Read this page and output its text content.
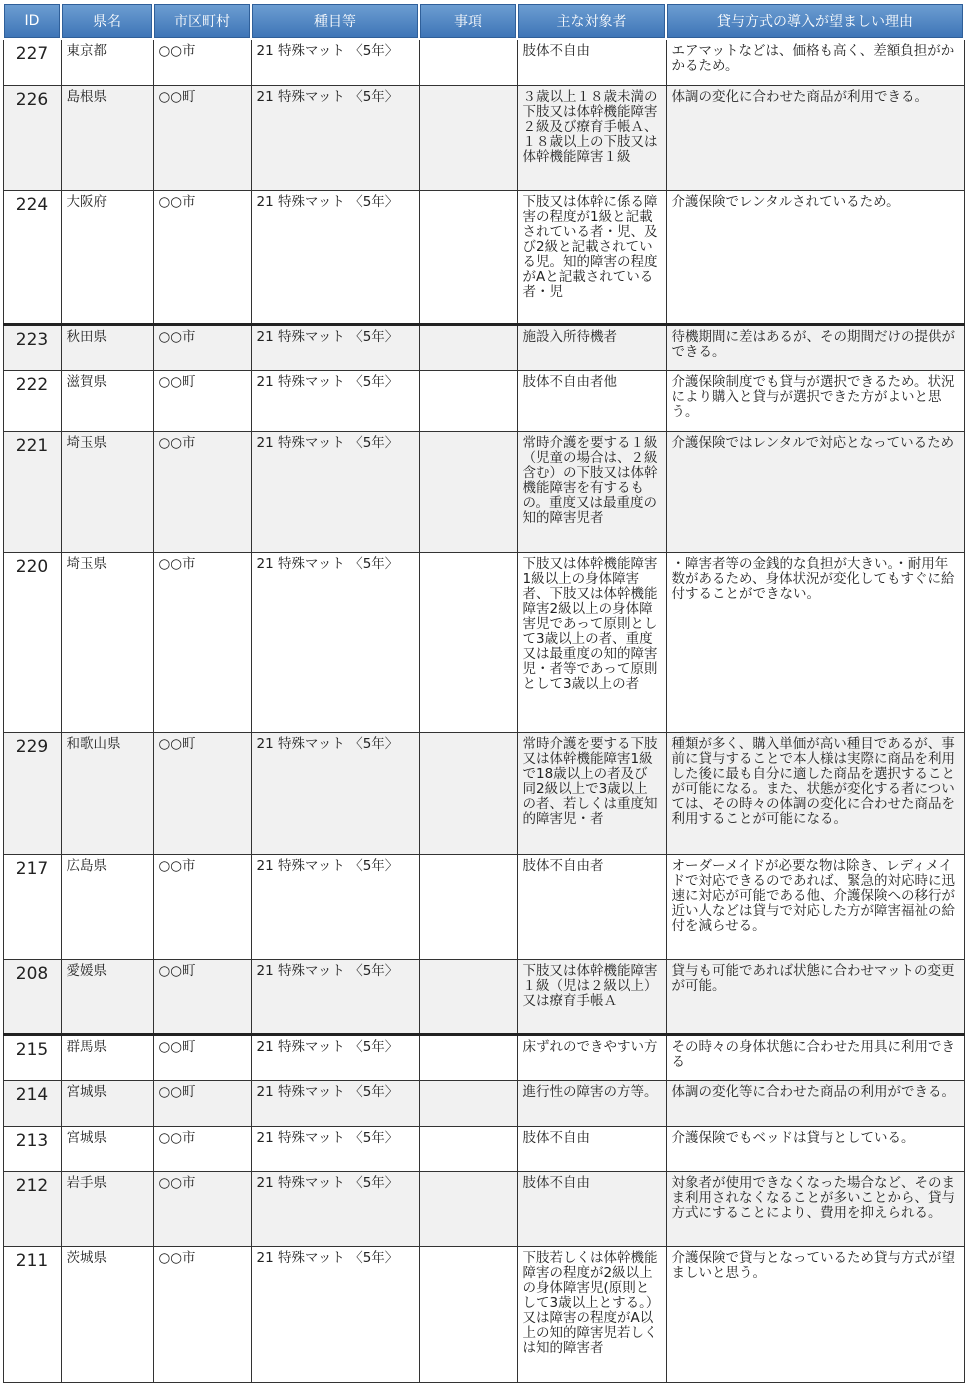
ID	県名	市区町村	種目等	事項	主な対象者	貸与方式の導入が望ましい理由
227	東京都	○○市	21 特殊マット 〈5年〉		肢体不自由	エアマットなどは、価格も高く、差額負担がかかるため。
226	島根県	○○町	21 特殊マット 〈5年〉		３歳以上１８歳未満の下肢又は体幹機能障害２級及び療育手帳Ａ、１８歳以上の下肢又は体幹機能障害１級	体調の変化に合わせた商品が利用できる。
224	大阪府	○○市	21 特殊マット 〈5年〉		下肢又は体幹に係る障害の程度が1級と記載されている者・児、及び2級と記載されている児。知的障害の程度がAと記載されている者・児	介護保険でレンタルされているため。
223	秋田県	○○市	21 特殊マット 〈5年〉		施設入所待機者	待機期間に差はあるが、その期間だけの提供ができる。
222	滋賀県	○○町	21 特殊マット 〈5年〉		肢体不自由者他	介護保険制度でも貸与が選択できるため。状況により購入と貸与が選択できた方がよいと思う。
221	埼玉県	○○市	21 特殊マット 〈5年〉		常時介護を要する１級（児童の場合は、２級含む）の下肢又は体幹機能障害を有するもの。重度又は最重度の知的障害児者	介護保険ではレンタルで対応となっているため
220	埼玉県	○○市	21 特殊マット 〈5年〉		下肢又は体幹機能障害1級以上の身体障害者、下肢又は体幹機能障害2級以上の身体障害児であって原則として3歳以上の者、重度又は最重度の知的障害児・者等であって原則として3歳以上の者	・障害者等の金銭的な負担が大きい。・耐用年数があるため、身体状況が変化してもすぐに給付することができない。
229	和歌山県	○○町	21 特殊マット 〈5年〉		常時介護を要する下肢又は体幹機能障害1級で18歳以上の者及び同2級以上で3歳以上の者、若しくは重度知的障害児・者	種類が多く、購入単価が高い種目であるが、事前に貸与することで本人様は実際に商品を利用した後に最も自分に適した商品を選択することが可能になる。また、状態が変化する者については、その時々の体調の変化に合わせた商品を利用することが可能になる。
217	広島県	○○市	21 特殊マット 〈5年〉		肢体不自由者	オーダーメイドが必要な物は除き、レディメイドで対応できるのであれば、緊急的対応時に迅速に対応が可能である他、介護保険への移行が近い人などは貸与で対応した方が障害福祉の給付を減らせる。
208	愛媛県	○○町	21 特殊マット 〈5年〉		下肢又は体幹機能障害１級（児は２級以上）又は療育手帳Ａ	貸与も可能であれば状態に合わせマットの変更が可能。
215	群馬県	○○町	21 特殊マット 〈5年〉		床ずれのできやすい方	その時々の身体状態に合わせた用具に利用できる
214	宮城県	○○町	21 特殊マット 〈5年〉		進行性の障害の方等。	体調の変化等に合わせた商品の利用ができる。
213	宮城県	○○市	21 特殊マット 〈5年〉		肢体不自由	介護保険でもベッドは貸与としている。
212	岩手県	○○市	21 特殊マット 〈5年〉		肢体不自由	対象者が使用できなくなった場合など、そのまま利用されなくなることが多いことから、貸与方式にすることにより、費用を抑えられる。
211	茨城県	○○市	21 特殊マット 〈5年〉		下肢若しくは体幹機能障害の程度が2級以上の身体障害児(原則として3歳以上とする。）又は障害の程度がA以上の知的障害児若しくは知的障害者	介護保険で貸与となっているため貸与方式が望ましいと思う。
